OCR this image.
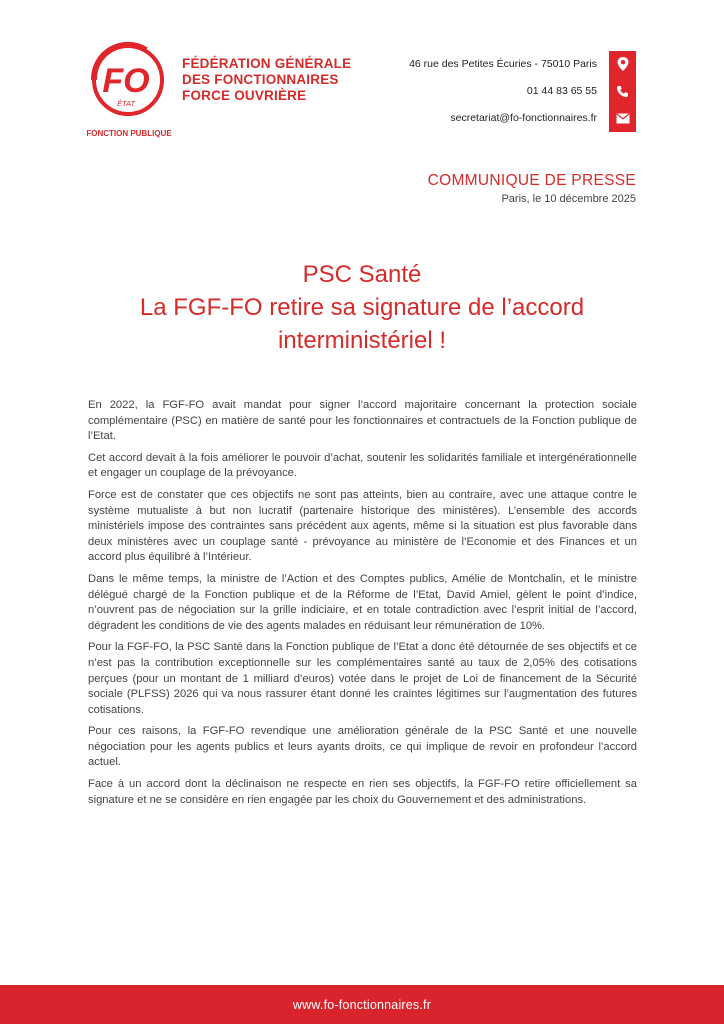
FO
ÉTAT
FONCTION PUBLIQUE
FÉDÉRATION GÉNÉRALE
DES FONCTIONNAIRES
FORCE OUVRIÈRE
46 rue des Petites Écuries - 75010 Paris
01 44 83 65 55
secretariat@fo-fonctionnaires.fr
COMMUNIQUE DE PRESSE
Paris, le 10 décembre 2025
PSC Santé
La FGF-FO retire sa signature de l’accord interministériel !

En 2022, la FGF-FO avait mandat pour signer l’accord majoritaire concernant la protection sociale complémentaire (PSC) en matière de santé pour les fonctionnaires et contractuels de la Fonction publique de l’Etat.

Cet accord devait à la fois améliorer le pouvoir d’achat, soutenir les solidarités familiale et intergénérationnelle et engager un couplage de la prévoyance.

Force est de constater que ces objectifs ne sont pas atteints, bien au contraire, avec une attaque contre le système mutualiste à but non lucratif (partenaire historique des ministères). L’ensemble des accords ministériels impose des contraintes sans précédent aux agents, même si la situation est plus favorable dans deux ministères avec un couplage santé - prévoyance au ministère de l’Economie et des Finances et un accord plus équilibré à l’Intérieur.

Dans le même temps, la ministre de l’Action et des Comptes publics, Amélie de Montchalin, et le ministre délégué chargé de la Fonction publique et de la Réforme de l’Etat, David Amiel, gèlent le point d’indice, n’ouvrent pas de négociation sur la grille indiciaire, et en totale contradiction avec l’esprit initial de l’accord, dégradent les conditions de vie des agents malades en réduisant leur rémunération de 10%.

Pour la FGF-FO, la PSC Santé dans la Fonction publique de l’Etat a donc été détournée de ses objectifs et ce n’est pas la contribution exceptionnelle sur les complémentaires santé au taux de 2,05% des cotisations perçues (pour un montant de 1 milliard d’euros) votée dans le projet de Loi de financement de la Sécurité sociale (PLFSS) 2026 qui va nous rassurer étant donné les craintes légitimes sur l’augmentation des futures cotisations.

Pour ces raisons, la FGF-FO revendique une amélioration générale de la PSC Santé et une nouvelle négociation pour les agents publics et leurs ayants droits, ce qui implique de revoir en profondeur l’accord actuel.

Face à un accord dont la déclinaison ne respecte en rien ses objectifs, la FGF-FO retire officiellement sa signature et ne se considère en rien engagée par les choix du Gouvernement et des administrations.

www.fo-fonctionnaires.fr
